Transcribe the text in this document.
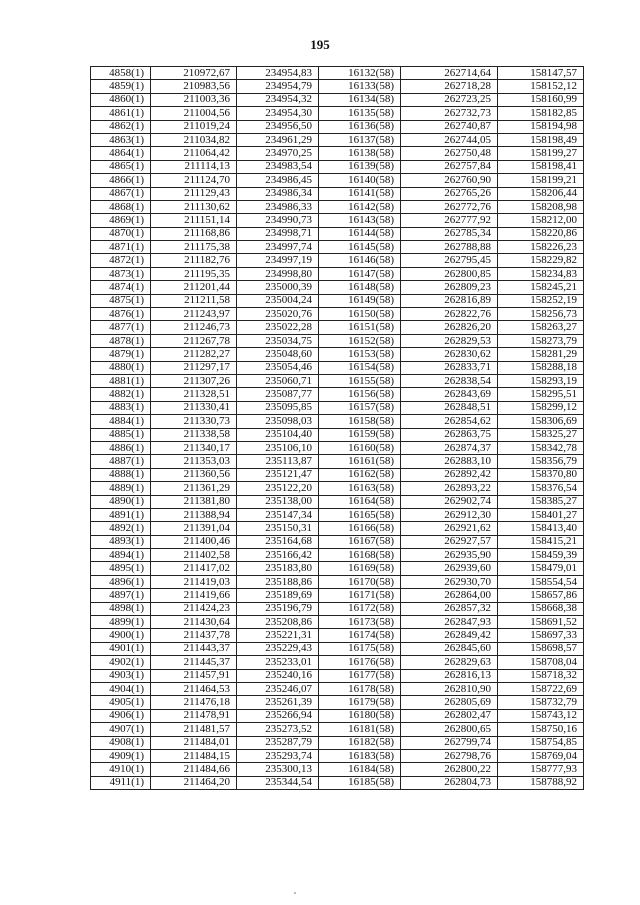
195
4858(1)	210972,67	234954,83	16132(58)	262714,64	158147,57
4859(1)	210983,56	234954,79	16133(58)	262718,28	158152,12
4860(1)	211003,36	234954,32	16134(58)	262723,25	158160,99
4861(1)	211004,56	234954,30	16135(58)	262732,73	158182,85
4862(1)	211019,24	234956,50	16136(58)	262740,87	158194,98
4863(1)	211034,82	234961,29	16137(58)	262744,05	158198,49
4864(1)	211064,42	234970,25	16138(58)	262750,48	158199,27
4865(1)	211114,13	234983,54	16139(58)	262757,84	158198,41
4866(1)	211124,70	234986,45	16140(58)	262760,90	158199,21
4867(1)	211129,43	234986,34	16141(58)	262765,26	158206,44
4868(1)	211130,62	234986,33	16142(58)	262772,76	158208,98
4869(1)	211151,14	234990,73	16143(58)	262777,92	158212,00
4870(1)	211168,86	234998,71	16144(58)	262785,34	158220,86
4871(1)	211175,38	234997,74	16145(58)	262788,88	158226,23
4872(1)	211182,76	234997,19	16146(58)	262795,45	158229,82
4873(1)	211195,35	234998,80	16147(58)	262800,85	158234,83
4874(1)	211201,44	235000,39	16148(58)	262809,23	158245,21
4875(1)	211211,58	235004,24	16149(58)	262816,89	158252,19
4876(1)	211243,97	235020,76	16150(58)	262822,76	158256,73
4877(1)	211246,73	235022,28	16151(58)	262826,20	158263,27
4878(1)	211267,78	235034,75	16152(58)	262829,53	158273,79
4879(1)	211282,27	235048,60	16153(58)	262830,62	158281,29
4880(1)	211297,17	235054,46	16154(58)	262833,71	158288,18
4881(1)	211307,26	235060,71	16155(58)	262838,54	158293,19
4882(1)	211328,51	235087,77	16156(58)	262843,69	158295,51
4883(1)	211330,41	235095,85	16157(58)	262848,51	158299,12
4884(1)	211330,73	235098,03	16158(58)	262854,62	158306,69
4885(1)	211338,58	235104,40	16159(58)	262863,75	158325,27
4886(1)	211340,17	235106,10	16160(58)	262874,37	158342,78
4887(1)	211353,03	235113,87	16161(58)	262883,10	158356,79
4888(1)	211360,56	235121,47	16162(58)	262892,42	158370,80
4889(1)	211361,29	235122,20	16163(58)	262893,22	158376,54
4890(1)	211381,80	235138,00	16164(58)	262902,74	158385,27
4891(1)	211388,94	235147,34	16165(58)	262912,30	158401,27
4892(1)	211391,04	235150,31	16166(58)	262921,62	158413,40
4893(1)	211400,46	235164,68	16167(58)	262927,57	158415,21
4894(1)	211402,58	235166,42	16168(58)	262935,90	158459,39
4895(1)	211417,02	235183,80	16169(58)	262939,60	158479,01
4896(1)	211419,03	235188,86	16170(58)	262930,70	158554,54
4897(1)	211419,66	235189,69	16171(58)	262864,00	158657,86
4898(1)	211424,23	235196,79	16172(58)	262857,32	158668,38
4899(1)	211430,64	235208,86	16173(58)	262847,93	158691,52
4900(1)	211437,78	235221,31	16174(58)	262849,42	158697,33
4901(1)	211443,37	235229,43	16175(58)	262845,60	158698,57
4902(1)	211445,37	235233,01	16176(58)	262829,63	158708,04
4903(1)	211457,91	235240,16	16177(58)	262816,13	158718,32
4904(1)	211464,53	235246,07	16178(58)	262810,90	158722,69
4905(1)	211476,18	235261,39	16179(58)	262805,69	158732,79
4906(1)	211478,91	235266,94	16180(58)	262802,47	158743,12
4907(1)	211481,57	235273,52	16181(58)	262800,65	158750,16
4908(1)	211484,01	235287,79	16182(58)	262799,74	158754,85
4909(1)	211484,15	235293,74	16183(58)	262798,76	158769,04
4910(1)	211484,66	235300,13	16184(58)	262800,22	158777,93
4911(1)	211464,20	235344,54	16185(58)	262804,73	158788,92
